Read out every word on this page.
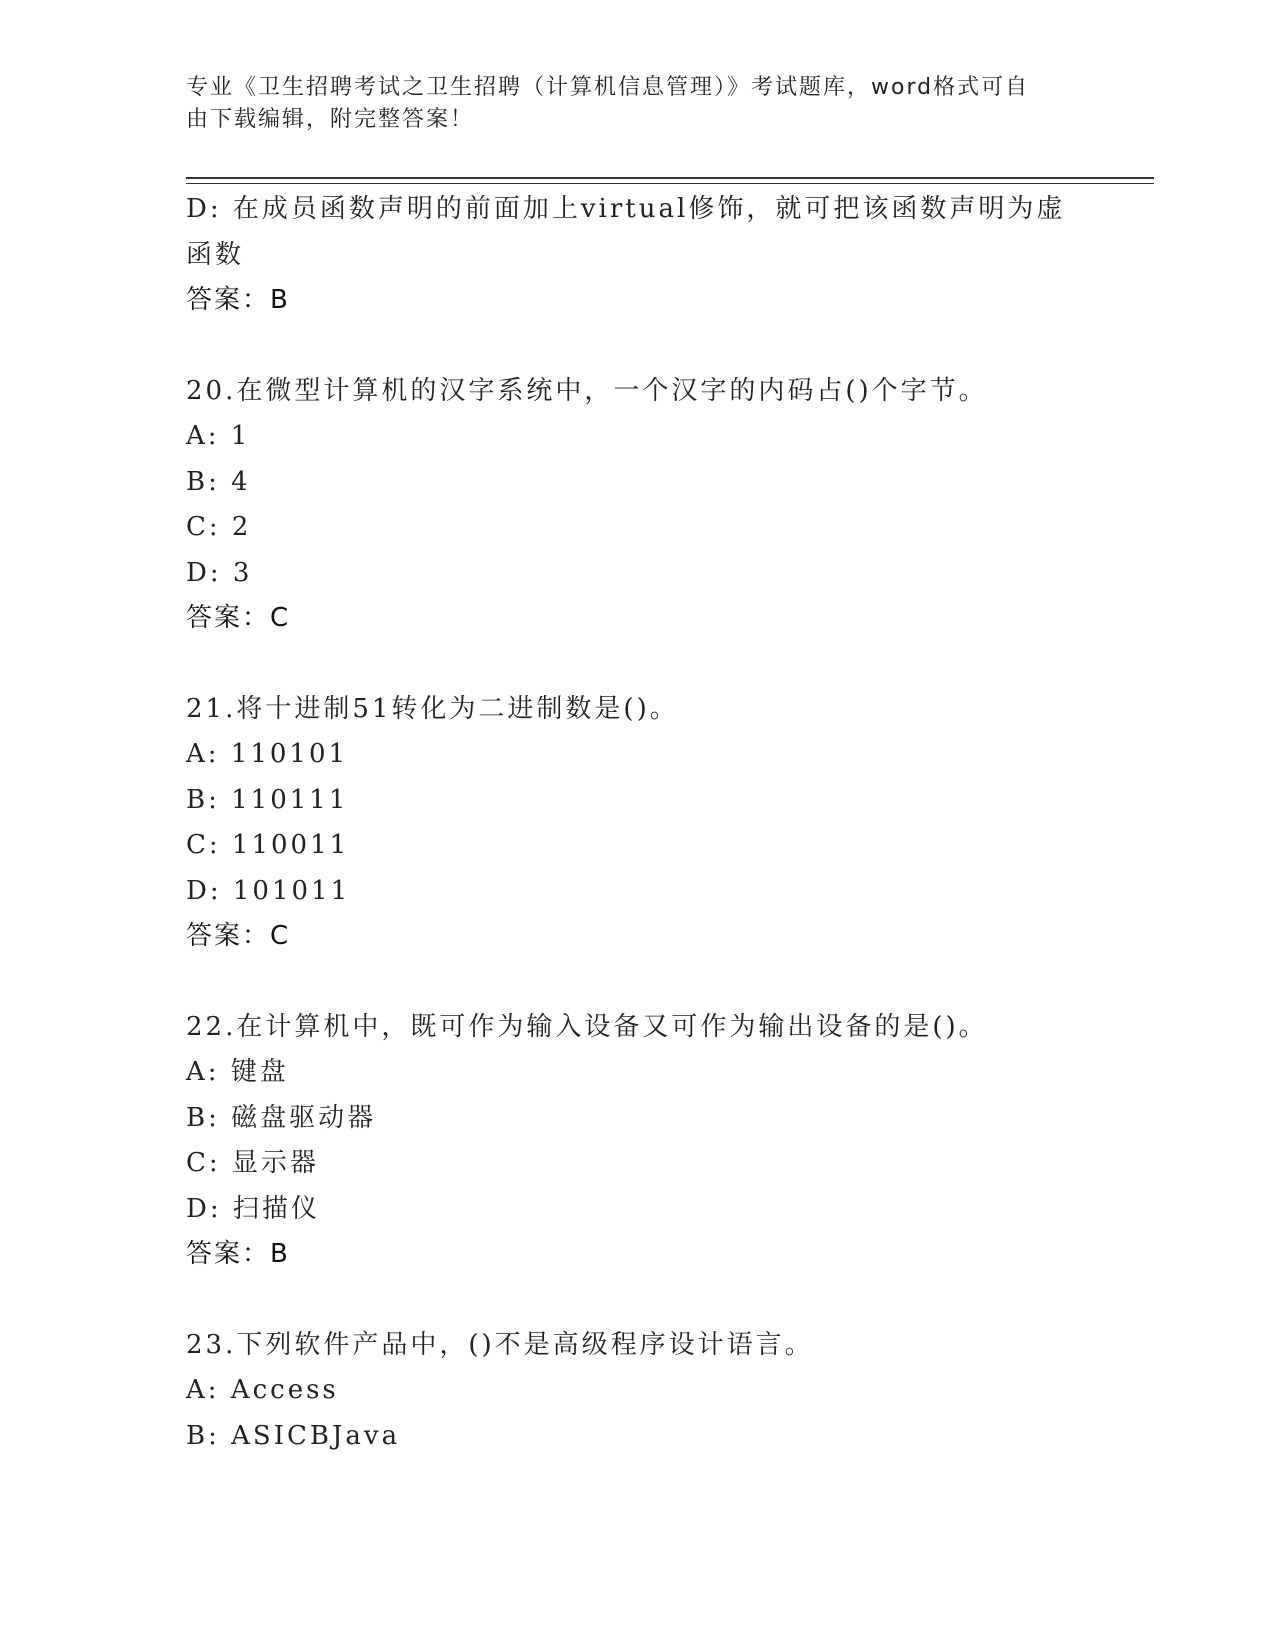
专业《卫生招聘考试之卫生招聘（计算机信息管理）》考试题库，word格式可自
由下载编辑，附完整答案！
D: 在成员函数声明的前面加上virtual修饰，就可把该函数声明为虚
函数
答案：B
20.在微型计算机的汉字系统中，一个汉字的内码占()个字节。
A: 1
B: 4
C: 2
D: 3
答案：C
21.将十进制51转化为二进制数是()。
A: 110101
B: 110111
C: 110011
D: 101011
答案：C
22.在计算机中，既可作为输入设备又可作为输出设备的是()。
A: 键盘
B: 磁盘驱动器
C: 显示器
D: 扫描仪
答案：B
23.下列软件产品中，()不是高级程序设计语言。
A: Access
B: ASICBJava
